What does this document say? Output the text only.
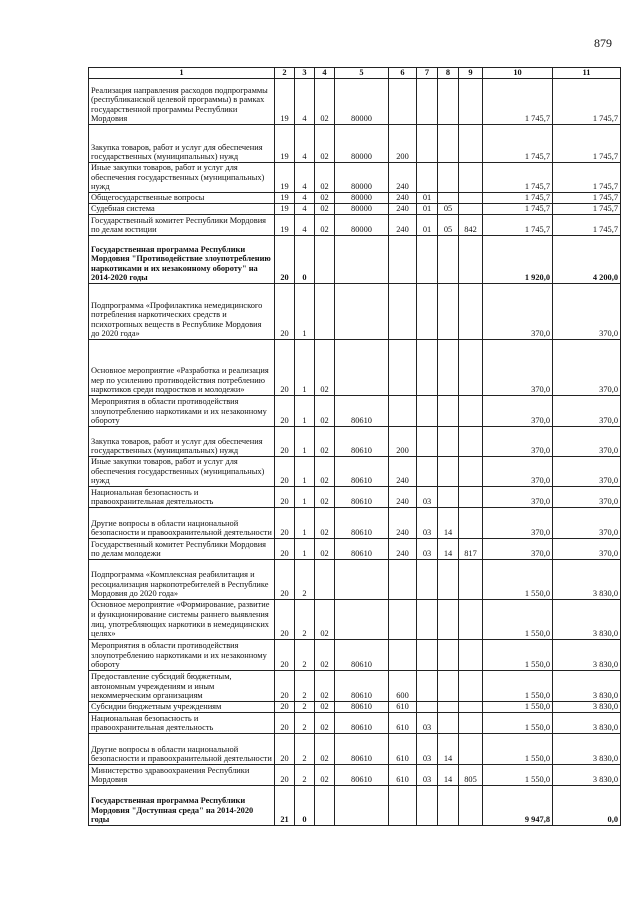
879
1	2	3	4	5	6	7	8	9	10	11
Реализация направления расходов подпрограммы (республиканской целевой программы) в рамках государственной программы Республики Мордовия	19	4	02	80000					1 745,7	1 745,7
Закупка товаров, работ и услуг для обеспечения государственных (муниципальных) нужд	19	4	02	80000	200				1 745,7	1 745,7
Иные закупки товаров, работ и услуг для обеспечения государственных (муниципальных) нужд	19	4	02	80000	240				1 745,7	1 745,7
Общегосударственные вопросы	19	4	02	80000	240	01			1 745,7	1 745,7
Судебная система	19	4	02	80000	240	01	05		1 745,7	1 745,7
Государственный комитет Республики Мордовия по делам юстиции	19	4	02	80000	240	01	05	842	1 745,7	1 745,7
Государственная программа Республики Мордовия "Противодействие злоупотреблению наркотиками и их незаконному обороту" на 2014-2020 годы	20	0							1 920,0	4 200,0
Подпрограмма «Профилактика немедицинского потребления наркотических средств и психотропных веществ в Республике Мордовия до 2020 года»	20	1							370,0	370,0
Основное мероприятие «Разработка и реализация мер по усилению противодействия потреблению наркотиков среди подростков и молодежи»	20	1	02						370,0	370,0
Мероприятия в области противодействия злоупотреблению наркотиками и их незаконному обороту	20	1	02	80610					370,0	370,0
Закупка товаров, работ и услуг для обеспечения государственных (муниципальных) нужд	20	1	02	80610	200				370,0	370,0
Иные закупки товаров, работ и услуг для обеспечения государственных (муниципальных) нужд	20	1	02	80610	240				370,0	370,0
Национальная безопасность и правоохранительная деятельность	20	1	02	80610	240	03			370,0	370,0
Другие вопросы в области национальной безопасности и правоохранительной деятельности	20	1	02	80610	240	03	14		370,0	370,0
Государственный комитет Республики Мордовия по делам молодежи	20	1	02	80610	240	03	14	817	370,0	370,0
Подпрограмма «Комплексная реабилитация и ресоциализация наркопотребителей в Республике Мордовия до 2020 года»	20	2							1 550,0	3 830,0
Основное мероприятие «Формирование, развитие и функционирование системы раннего выявления лиц, употребляющих наркотики в немедицинских целях»	20	2	02						1 550,0	3 830,0
Мероприятия в области противодействия злоупотреблению наркотиками и их незаконному обороту	20	2	02	80610					1 550,0	3 830,0
Предоставление субсидий бюджетным, автономным учреждениям и иным некоммерческим организациям	20	2	02	80610	600				1 550,0	3 830,0
Субсидии бюджетным учреждениям	20	2	02	80610	610				1 550,0	3 830,0
Национальная безопасность и правоохранительная деятельность	20	2	02	80610	610	03			1 550,0	3 830,0
Другие вопросы в области национальной безопасности и правоохранительной деятельности	20	2	02	80610	610	03	14		1 550,0	3 830,0
Министерство здравоохранения Республики Мордовия	20	2	02	80610	610	03	14	805	1 550,0	3 830,0
Государственная программа Республики Мордовия "Доступная среда" на 2014-2020 годы	21	0							9 947,8	0,0
